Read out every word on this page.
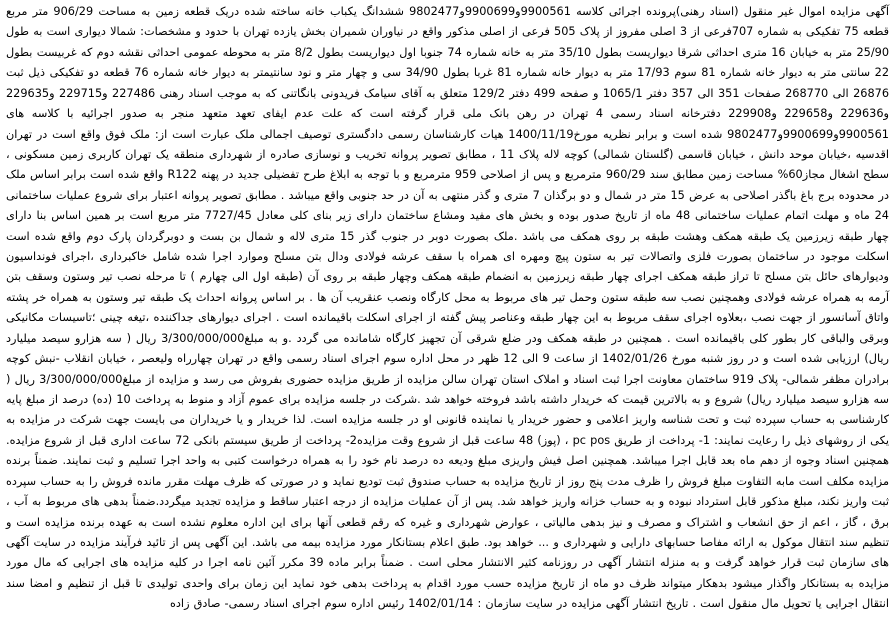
آگهی مزایده اموال غیر منقول (اسناد رهنی)پرونده اجرائی کلاسه 9900561و9900699و9802477 ششدانگ یکباب خانه ساخته شده دریک قطعه زمین به مساحت 906/29 متر مربع قطعه 75 تفکیکی به شماره 707فرعی از 3 اصلی مفروز از پلاک 505 فرعی از اصلی مذکور واقع در نیاوران شمیران بخش یازده تهران با حدود و مشخصات: شمالا دیواری است به طول 25/90 متر به خیابان 16 متری احداثی شرقا دیواریست بطول 35/10 متر به خانه شماره 74 جنوبا اول دیواریست بطول 8/2 متر به محوطه عمومی احداثی نقشه دوم که غربیست بطول 22 سانتی متر به دیوار خانه شماره 81 سوم 17/93 متر به دیوار خانه شماره 81 غربا بطول 34/90 سی و چهار متر و نود سانتیمتر به دیوار خانه شماره 76 قطعه دو تفکیکی ذیل ثبت 26876 الی 268770 صفحات 351 الی 357 دفتر 1065/1 و صفحه 499 دفتر 129/2 متعلق به آقای سیامک فریدونی بانگاتنی که به موجب اسناد رهنی 227486 و229715 و229635 و229636 و229658 و229908 دفترخانه اسناد رسمی 4 تهران در رهن بانک ملی قرار گرفته است که علت عدم ایفای تعهد متعهد منجر به صدور اجرائیه با کلاسه های 9900561و9900699و9802477 شده است و برابر نظریه مورخ1400/11/19 هیات کارشناسان رسمی دادگستری توصیف اجمالی ملک عبارت است از: ملک فوق واقع است در تهران اقدسیه ،خیابان موحد دانش ، خیابان قاسمی (گلستان شمالی) کوچه لاله پلاک 11 ، مطابق تصویر پروانه تخریب و نوسازی صادره از شهرداری منطقه یک تهران کاربری زمین مسکونی ، سطح اشغال مجاز60% مساحت زمین مطابق سند 960/29 مترمربع و پس از اصلاحی 959 مترمربع و با توجه به ابلاغ طرح تفضیلی جدید در پهنه R122 واقع شده است برابر اساس ملک در محدوده برج باغ باگذر اصلاحی به عرض 15 متر در شمال و دو برگذان 7 متری و گذر منتهی به آن در حد جنوبی واقع میباشد . مطابق تصویر پروانه اعتبار برای شروع عملیات ساختمانی 24 ماه و مهلت اتمام عملیات ساختمانی 48 ماه از تاریخ صدور بوده و بخش های مفید ومشاع ساختمان دارای زیر بنای کلی معادل 7727/45 متر مربع است بر همین اساس بنا دارای چهار طبقه زیرزمین یک طبقه همکف وهشت طبقه بر روی همکف می باشد .ملک بصورت دوبر در جنوب گذر 15 متری لاله و شمال بن بست و دوبرگردان پارک دوم واقع شده است اسکلت موجود در ساختمان بصورت فلزی واتصالات تیر به ستون پیچ ومهره ای همراه با سقف عرشه فولادی ودال بتن مسلح وموارد اجرا شده شامل خاکبرداری ،اجرای فونداسیون ودیوارهای حائل بتن مسلح تا تراز طبقه همکف اجرای چهار طبقه زیرزمین به انضمام طبقه همکف وچهار طبقه بر روی آن (طبقه اول الی چهارم ) تا مرحله نصب تیر وستون وسقف بتن آرمه به همراه عرشه فولادی وهمچنین نصب سه طبقه ستون وحمل تیر های مربوط به محل کارگاه ونصب عنقریب آن ها . بر اساس پروانه احداث یک طبقه تیر وستون به همراه خر پشته واتاق آسانسور از جهت نصب ،بعلاوه اجرای سقف مربوط به این چهار طبقه وعناصر پیش گفته از اجرای اسکلت باقیمانده است . اجرای دیوارهای جداکننده ،تیغه چینی ؛تاسیسات مکانیکی وبرقی والباقی کار بطور کلی باقیمانده است . همچنین در طبقه همکف ودر ضلع شرقی آن تجهیز کارگاه شامانده می گردد .و به مبلغ3/300/000/000 ریال ( سه هزارو سیصد میلیارد ریال) ارزیابی شده است و در روز شنبه مورخ 1402/01/26 از ساعت 9 الی 12 ظهر در محل اداره سوم اجرای اسناد رسمی واقع در تهران چهارراه ولیعصر ، خیابان انقلاب -نبش کوچه برادران مظفر شمالی- پلاک 919 ساختمان معاونت اجرا ثبت اسناد و املاک استان تهران سالن مزایده از طریق مزایده حضوری بفروش می رسد و مزایده از مبلغ3/300/000/000 ریال ( سه هزارو سیصد میلیارد ریال) شروع و به بالاترین قیمت که خریدار داشته باشد فروخته خواهد شد .شرکت در جلسه مزایده برای عموم آزاد و منوط به پرداخت 10 (ده) درصد از مبلغ پایه کارشناسی به حساب سپرده ثبت و تحت شناسه واریز اعلامی و حضور خریدار یا نماینده قانونی او در جلسه مزایده است. لذا خریدار و یا خریداران می بایست جهت شرکت در مزایده به یکی از روشهای ذیل را رعایت نمایند: 1- پرداخت از طریق pc pos ، (پوز) 48 ساعت قبل از شروع وقت مزایده2- پرداخت از طریق سیستم بانکی 72 ساعت اداری قبل از شروع مزایده. همچنین اسناد وجوه از دهم ماه بعد قابل اجرا میباشد. همچنین اصل فیش واریزی مبلغ ودیعه ده درصد نام خود را به همراه درخواست کتبی به واحد اجرا تسلیم و ثبت نمایند. ضمناً برنده مزایده مکلف است مابه التفاوت مبلغ فروش را ظرف مدت پنج روز از تاریخ مزایده به حساب صندوق ثبت تودیع نماید و در صورتی که ظرف مهلت مقرر مانده فروش را به حساب سپرده ثبت واریز نکند، مبلغ مذکور قابل استرداد نبوده و به حساب خزانه واریز خواهد شد. پس از آن عملیات مزایده از درجه اعتبار ساقط و مزایده تجدید میگردد.ضمناً بدهی های مربوط به آب ، برق ، گاز ، اعم از حق انشعاب و اشتراک و مصرف و نیز بدهی مالیاتی ، عوارض شهرداری و غیره که رقم قطعی آنها برای این اداره معلوم نشده است به عهده برنده مزایده است و تنظیم سند انتقال موکول به ارائه مفاصا حسابهای دارایی و شهرداری و ... خواهد بود. طبق اعلام بستانکار مورد مزایده بیمه می باشد. این آگهی پس از تائید فرآیند مزایده در سایت آگهی های سازمان ثبت قرار خواهد گرفت و به منزله انتشار آگهی در روزنامه کثیر الانتشار محلی است . ضمناً برابر ماده 39 مکرر آئین نامه اجرا در کلیه مزایده های اجرایی که مال مورد مزایده به بستانکار واگذار میشود بدهکار میتواند ظرف دو ماه از تاریخ مزایده حسب مورد اقدام به پرداخت بدهی خود نماید این زمان برای واحدی تولیدی تا قبل از تنظیم و امضا سند انتقال اجرایی یا تحویل مال منقول است . تاریخ انتشار آگهی مزایده در سایت سازمان : 1402/01/14 رئیس اداره سوم اجرای اسناد رسمی- صادق زاده
